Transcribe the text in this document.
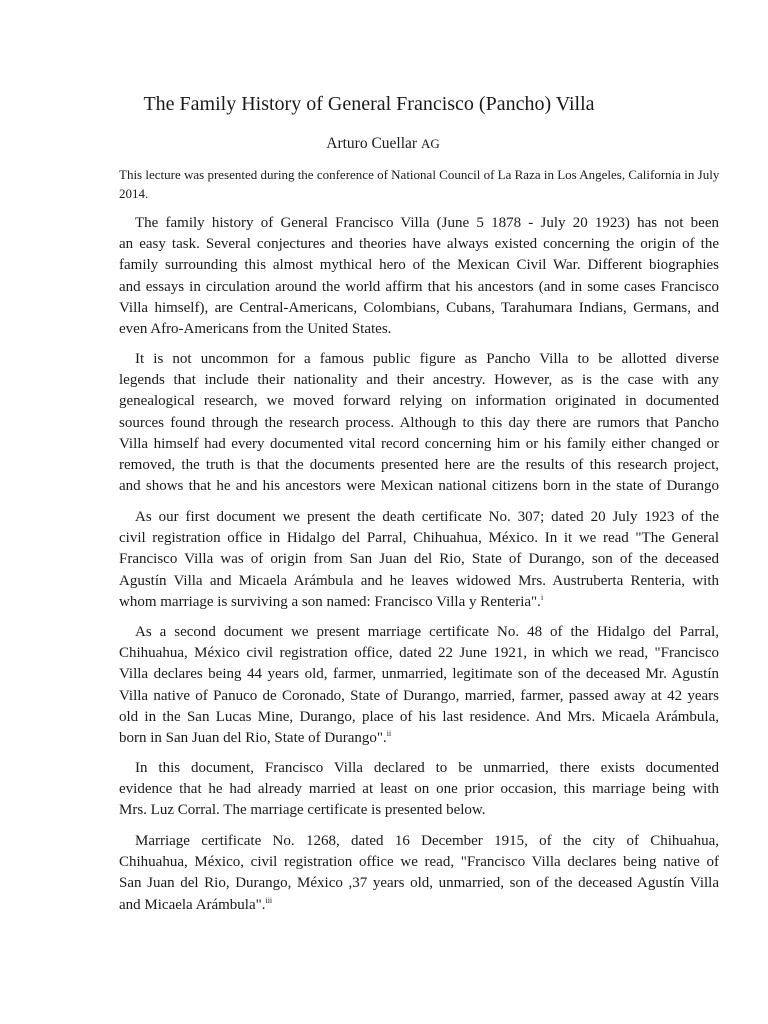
The Family History of General Francisco (Pancho) Villa
Arturo Cuellar AG

This lecture was presented during the conference of National Council of La Raza in Los Angeles, California in July
2014.

The family history of General Francisco Villa (June 5 1878 - July 20 1923) has not been
an easy task. Several conjectures and theories have always existed concerning the origin of the
family surrounding this almost mythical hero of the Mexican Civil War. Different biographies
and essays in circulation around the world affirm that his ancestors (and in some cases Francisco
Villa himself), are Central-Americans, Colombians, Cubans, Tarahumara Indians, Germans, and
even Afro-Americans from the United States.

It is not uncommon for a famous public figure as Pancho Villa to be allotted diverse
legends that include their nationality and their ancestry. However, as is the case with any
genealogical research, we moved forward relying on information originated in documented
sources found through the research process. Although to this day there are rumors that Pancho
Villa himself had every documented vital record concerning him or his family either changed or
removed, the truth is that the documents presented here are the results of this research project,
and shows that he and his ancestors were Mexican national citizens born in the state of Durango

As our first document we present the death certificate No. 307; dated 20 July 1923 of the
civil registration office in Hidalgo del Parral, Chihuahua, México. In it we read "The General
Francisco Villa was of origin from San Juan del Rio, State of Durango, son of the deceased
Agustín Villa and Micaela Arámbula and he leaves widowed Mrs. Austruberta Renteria, with
whom marriage is surviving a son named: Francisco Villa y Renteria".$^i$

As a second document we present marriage certificate No. 48 of the Hidalgo del Parral,
Chihuahua, México civil registration office, dated 22 June 1921, in which we read, "Francisco
Villa declares being 44 years old, farmer, unmarried, legitimate son of the deceased Mr. Agustín
Villa native of Panuco de Coronado, State of Durango, married, farmer, passed away at 42 years
old in the San Lucas Mine, Durango, place of his last residence. And Mrs. Micaela Arámbula,
born in San Juan del Rio, State of Durango".$^{ii}$

In this document, Francisco Villa declared to be unmarried, there exists documented
evidence that he had already married at least on one prior occasion, this marriage being with
Mrs. Luz Corral. The marriage certificate is presented below.

Marriage certificate No. 1268, dated 16 December 1915, of the city of Chihuahua,
Chihuahua, México, civil registration office we read, "Francisco Villa declares being native of
San Juan del Rio, Durango, México ,37 years old, unmarried, son of the deceased Agustín Villa
and Micaela Arámbula".$^{iii}$
